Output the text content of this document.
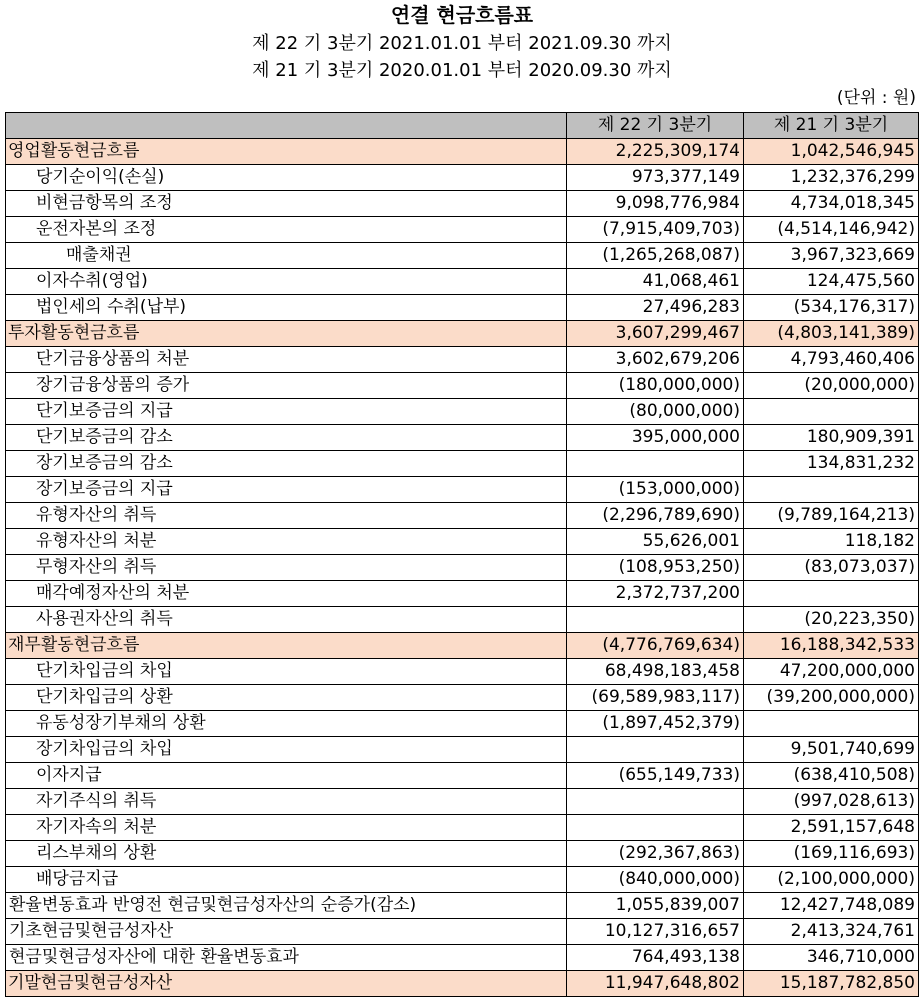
연결 현금흐름표
제 22 기 3분기 2021.01.01 부터 2021.09.30 까지
제 21 기 3분기 2020.01.01 부터 2020.09.30 까지
(단위 : 원)
	제 22 기 3분기	제 21 기 3분기
영업활동현금흐름	2,225,309,174	1,042,546,945
당기순이익(손실)	973,377,149	1,232,376,299
비현금항목의 조정	9,098,776,984	4,734,018,345
운전자본의 조정	(7,915,409,703)	(4,514,146,942)
매출채권	(1,265,268,087)	3,967,323,669
이자수취(영업)	41,068,461	124,475,560
법인세의 수취(납부)	27,496,283	(534,176,317)
투자활동현금흐름	3,607,299,467	(4,803,141,389)
단기금융상품의 처분	3,602,679,206	4,793,460,406
장기금융상품의 증가	(180,000,000)	(20,000,000)
단기보증금의 지급	(80,000,000)	
단기보증금의 감소	395,000,000	180,909,391
장기보증금의 감소		134,831,232
장기보증금의 지급	(153,000,000)	
유형자산의 취득	(2,296,789,690)	(9,789,164,213)
유형자산의 처분	55,626,001	118,182
무형자산의 취득	(108,953,250)	(83,073,037)
매각예정자산의 처분	2,372,737,200	
사용권자산의 취득		(20,223,350)
재무활동현금흐름	(4,776,769,634)	16,188,342,533
단기차입금의 차입	68,498,183,458	47,200,000,000
단기차입금의 상환	(69,589,983,117)	(39,200,000,000)
유동성장기부채의 상환	(1,897,452,379)	
장기차입금의 차입		9,501,740,699
이자지급	(655,149,733)	(638,410,508)
자기주식의 취득		(997,028,613)
자기자속의 처분		2,591,157,648
리스부채의 상환	(292,367,863)	(169,116,693)
배당금지급	(840,000,000)	(2,100,000,000)
환율변동효과 반영전 현금및현금성자산의 순증가(감소)	1,055,839,007	12,427,748,089
기초현금및현금성자산	10,127,316,657	2,413,324,761
현금및현금성자산에 대한 환율변동효과	764,493,138	346,710,000
기말현금및현금성자산	11,947,648,802	15,187,782,850
